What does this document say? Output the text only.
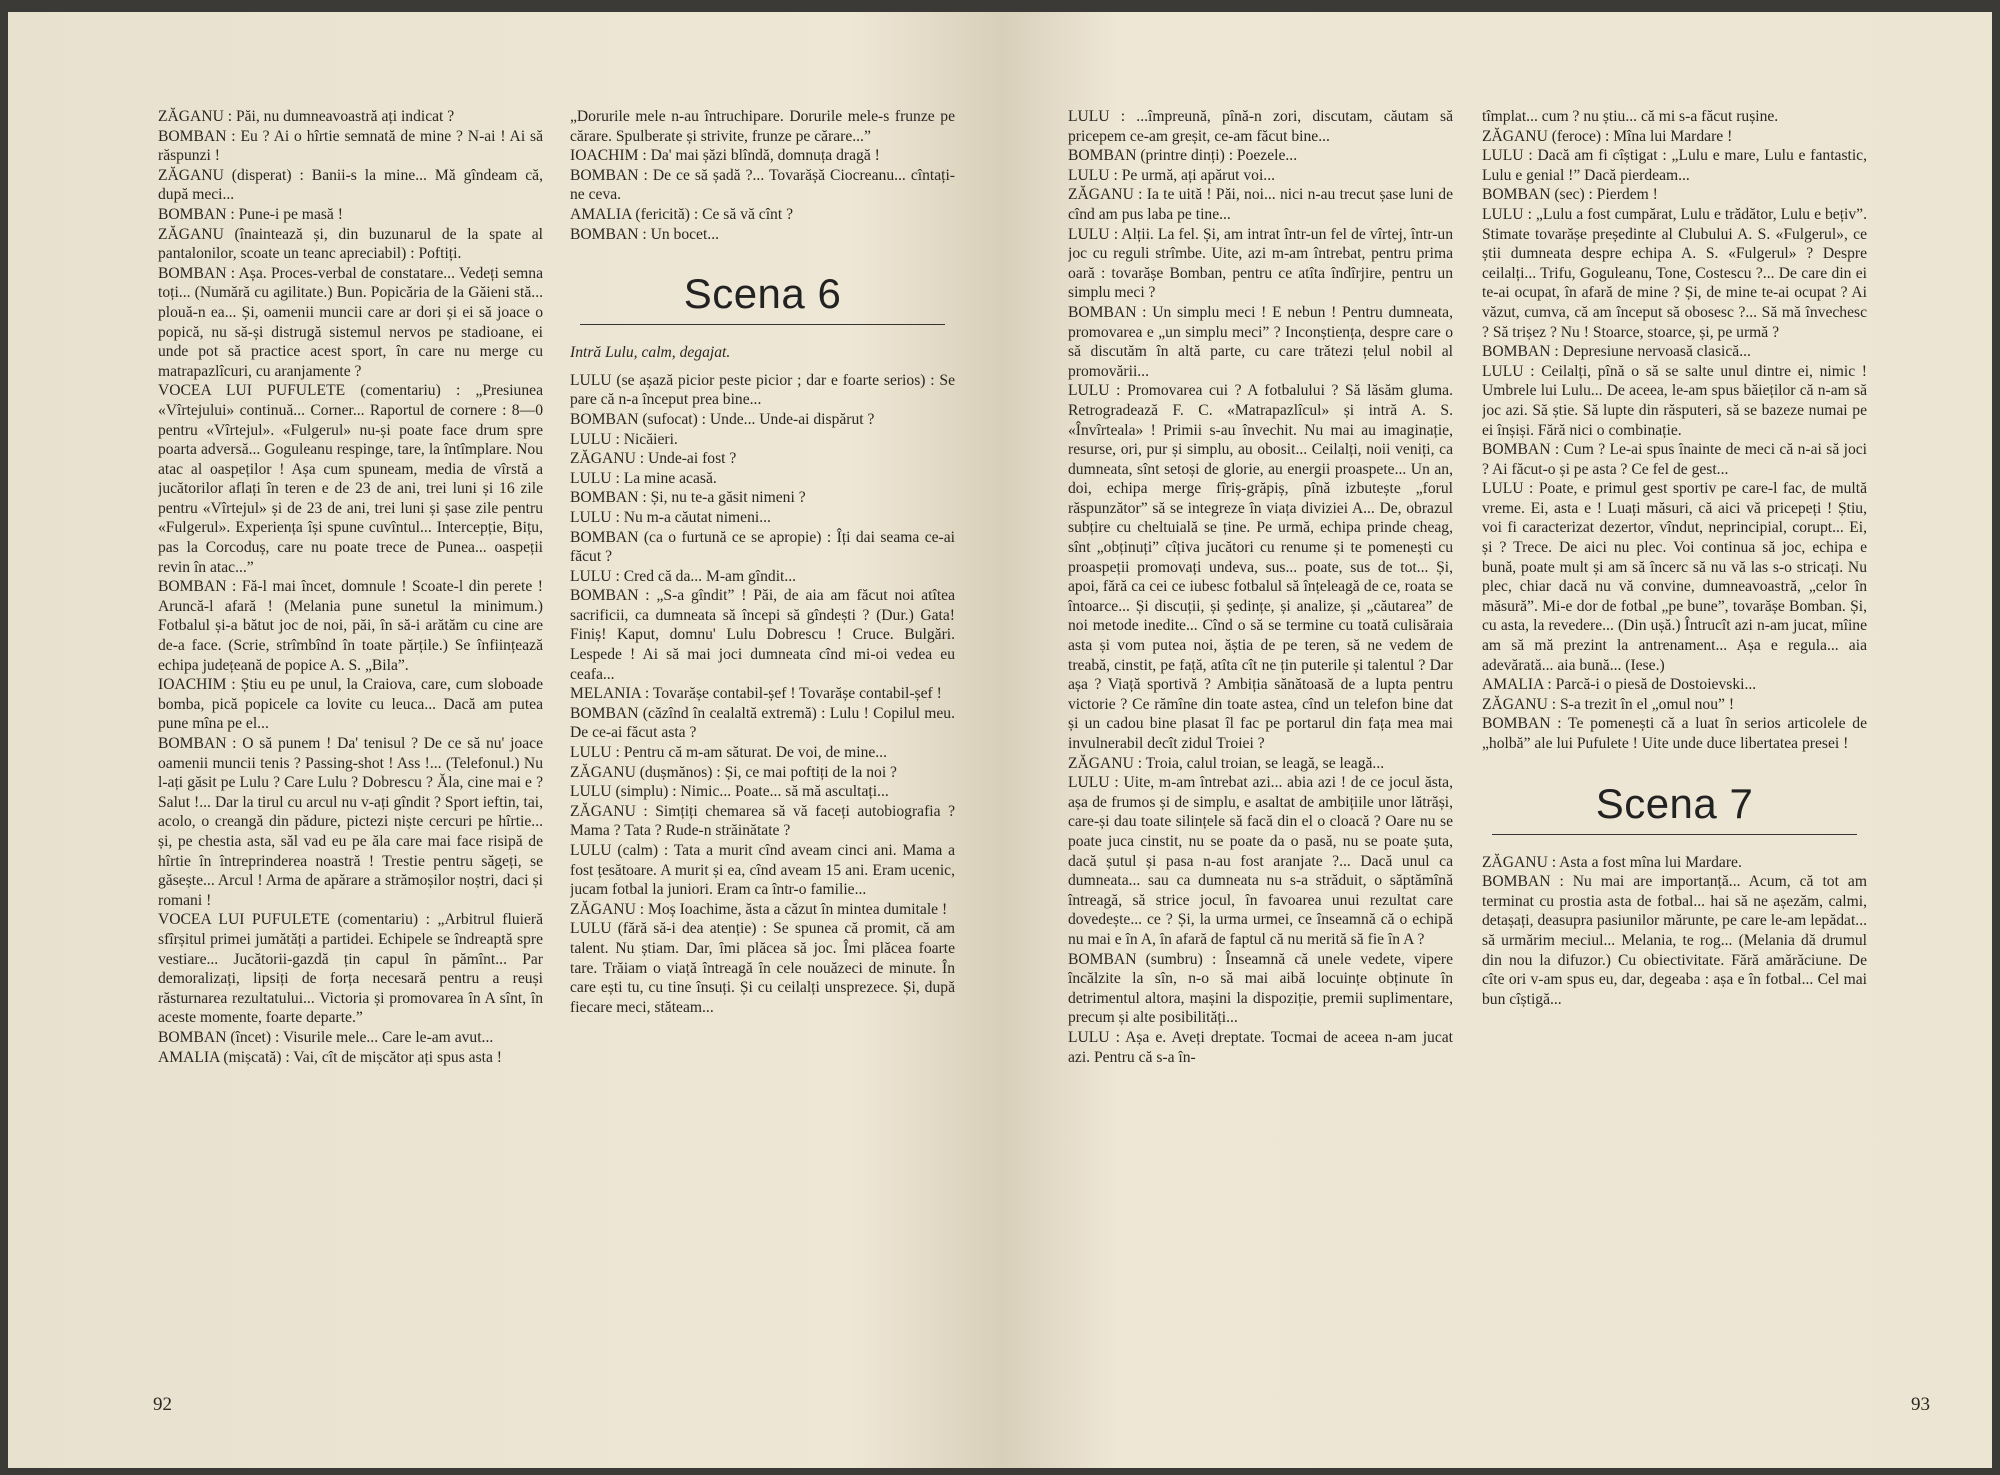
ZĂGANU : Păi, nu dumneavoastră ați indicat ?

BOMBAN : Eu ? Ai o hîrtie semnată de mine ? N-ai ! Ai să răspunzi !

ZĂGANU (disperat) : Banii-s la mine... Mă gîndeam că, după meci...

BOMBAN : Pune-i pe masă !

ZĂGANU (înaintează și, din buzunarul de la spate al pantalonilor, scoate un teanc apreciabil) : Poftiți.

BOMBAN : Așa. Proces-verbal de constatare... Vedeți semna toți... (Numără cu agilitate.) Bun. Popicăria de la Găieni stă... plouă-n ea... Și, oamenii muncii care ar dori și ei să joace o popică, nu să-și distrugă sistemul nervos pe stadioane, ei unde pot să practice acest sport, în care nu merge cu matrapazlîcuri, cu aranjamente ?

VOCEA LUI PUFULETE (comentariu) : „Presiunea «Vîrtejului» continuă... Corner... Raportul de cornere : 8—0 pentru «Vîrtejul». «Fulgerul» nu-și poate face drum spre poarta adversă... Goguleanu respinge, tare, la întîmplare. Nou atac al oaspeților ! Așa cum spuneam, media de vîrstă a jucătorilor aflați în teren e de 23 de ani, trei luni și 16 zile pentru «Vîrtejul» și de 23 de ani, trei luni și șase zile pentru «Fulgerul». Experiența își spune cuvîntul... Intercepție, Bițu, pas la Corcoduș, care nu poate trece de Punea... oaspeții revin în atac...”

BOMBAN : Fă-l mai încet, domnule ! Scoate-l din perete ! Aruncă-l afară ! (Melania pune sunetul la minimum.) Fotbalul și-a bătut joc de noi, păi, în să-i arătăm cu cine are de-a face. (Scrie, strîmbînd în toate părțile.) Se înființează echipa județeană de popice A. S. „Bila”.

IOACHIM : Știu eu pe unul, la Craiova, care, cum sloboade bomba, pică popicele ca lovite cu leuca... Dacă am putea pune mîna pe el...

BOMBAN : O să punem ! Da' tenisul ? De ce să nu' joace oamenii muncii tenis ? Passing-shot ! Ass !... (Telefonul.) Nu l-ați găsit pe Lulu ? Care Lulu ? Dobrescu ? Ăla, cine mai e ? Salut !... Dar la tirul cu arcul nu v-ați gîndit ? Sport ieftin, tai, acolo, o creangă din pădure, pictezi niște cercuri pe hîrtie... și, pe chestia asta, săl vad eu pe ăla care mai face risipă de hîrtie în întreprinderea noastră ! Trestie pentru săgeți, se găsește... Arcul ! Arma de apărare a strămoșilor noștri, daci și romani !

VOCEA LUI PUFULETE (comentariu) : „Arbitrul fluieră sfîrșitul primei jumătăți a partidei. Echipele se îndreaptă spre vestiare... Jucătorii-gazdă țin capul în pămînt... Par demoralizați, lipsiți de forța necesară pentru a reuși răsturnarea rezultatului... Victoria și promovarea în A sînt, în aceste momente, foarte departe.”

BOMBAN (încet) : Visurile mele... Care le-am avut...

AMALIA (mișcată) : Vai, cît de mișcător ați spus asta !

„Dorurile mele n-au întruchipare. Dorurile mele-s frunze pe cărare. Spulberate și strivite, frunze pe cărare...”

IOACHIM : Da' mai șăzi blîndă, domnuța dragă !

BOMBAN : De ce să șadă ?... Tovarășă Ciocreanu... cîntați-ne ceva.

AMALIA (fericită) : Ce să vă cînt ?

BOMBAN : Un bocet...

Scena 6

Intră Lulu, calm, degajat.

LULU (se așază picior peste picior ; dar e foarte serios) : Se pare că n-a început prea bine...

BOMBAN (sufocat) : Unde... Unde-ai dispărut ?

LULU : Nicăieri.

ZĂGANU : Unde-ai fost ?

LULU : La mine acasă.

BOMBAN : Și, nu te-a găsit nimeni ?

LULU : Nu m-a căutat nimeni...

BOMBAN (ca o furtună ce se apropie) : Îți dai seama ce-ai făcut ?

LULU : Cred că da... M-am gîndit...

BOMBAN : „S-a gîndit” ! Păi, de aia am făcut noi atîtea sacrificii, ca dumneata să începi să gîndești ? (Dur.) Gata! Finiș! Kaput, domnu' Lulu Dobrescu ! Cruce. Bulgări. Lespede ! Ai să mai joci dumneata cînd mi-oi vedea eu ceafa...

MELANIA : Tovarășe contabil-șef ! Tovarășe contabil-șef !

BOMBAN (căzînd în cealaltă extremă) : Lulu ! Copilul meu. De ce-ai făcut asta ?

LULU : Pentru că m-am săturat. De voi, de mine...

ZĂGANU (dușmănos) : Și, ce mai poftiți de la noi ?

LULU (simplu) : Nimic... Poate... să mă ascultați...

ZĂGANU : Simțiți chemarea să vă faceți autobiografia ? Mama ? Tata ? Rude-n străinătate ?

LULU (calm) : Tata a murit cînd aveam cinci ani. Mama a fost țesătoare. A murit și ea, cînd aveam 15 ani. Eram ucenic, jucam fotbal la juniori. Eram ca într-o familie...

ZĂGANU : Moș Ioachime, ăsta a căzut în mintea dumitale !

LULU (fără să-i dea atenție) : Se spunea că promit, că am talent. Nu știam. Dar, îmi plăcea să joc. Îmi plăcea foarte tare. Trăiam o viață întreagă în cele nouăzeci de minute. În care ești tu, cu tine însuți. Și cu ceilalți unsprezece. Și, după fiecare meci, stăteam...

92

LULU : ...împreună, pînă-n zori, discutam, căutam să pricepem ce-am greșit, ce-am făcut bine...

BOMBAN (printre dinți) : Poezele...

LULU : Pe urmă, ați apărut voi...

ZĂGANU : Ia te uită ! Păi, noi... nici n-au trecut șase luni de cînd am pus laba pe tine...

LULU : Alții. La fel. Și, am intrat într-un fel de vîrtej, într-un joc cu reguli strîmbe. Uite, azi m-am întrebat, pentru prima oară : tovarășe Bomban, pentru ce atîta îndîrjire, pentru un simplu meci ?

BOMBAN : Un simplu meci ! E nebun ! Pentru dumneata, promovarea e „un simplu meci” ? Inconștiența, despre care o să discutăm în altă parte, cu care trătezi țelul nobil al promovării...

LULU : Promovarea cui ? A fotbalului ? Să lăsăm gluma. Retrogradează F. C. «Matrapazlîcul» și intră A. S. «Învîrteala» ! Primii s-au învechit. Nu mai au imaginație, resurse, ori, pur și simplu, au obosit... Ceilalți, noii veniți, ca dumneata, sînt setoși de glorie, au energii proaspete... Un an, doi, echipa merge fîriș-grăpiș, pînă izbutește „forul răspunzător” să se integreze în viața diviziei A... De, obrazul subțire cu cheltuială se ține. Pe urmă, echipa prinde cheag, sînt „obținuți” cîțiva jucători cu renume și te pomenești cu proaspeții promovați undeva, sus... poate, sus de tot... Și, apoi, fără ca cei ce iubesc fotbalul să înțeleagă de ce, roata se întoarce... Și discuții, și ședințe, și analize, și „căutarea” de noi metode inedite... Cînd o să se termine cu toată culisăraia asta și vom putea noi, ăștia de pe teren, să ne vedem de treabă, cinstit, pe față, atîta cît ne țin puterile și talentul ? Dar așa ? Viață sportivă ? Ambiția sănătoasă de a lupta pentru victorie ? Ce rămîne din toate astea, cînd un telefon bine dat și un cadou bine plasat îl fac pe portarul din fața mea mai invulnerabil decît zidul Troiei ?

ZĂGANU : Troia, calul troian, se leagă, se leagă...

LULU : Uite, m-am întrebat azi... abia azi ! de ce jocul ăsta, așa de frumos și de simplu, e asaltat de ambițiile unor lătrăși, care-și dau toate silințele să facă din el o cloacă ? Oare nu se poate juca cinstit, nu se poate da o pasă, nu se poate șuta, dacă șutul și pasa n-au fost aranjate ?... Dacă unul ca dumneata... sau ca dumneata nu s-a străduit, o săptămînă întreagă, să strice jocul, în favoarea unui rezultat care dovedește... ce ? Și, la urma urmei, ce înseamnă că o echipă nu mai e în A, în afară de faptul că nu merită să fie în A ?

BOMBAN (sumbru) : Înseamnă că unele vedete, vipere încălzite la sîn, n-o să mai aibă locuințe obținute în detrimentul altora, mașini la dispoziție, premii suplimentare, precum și alte posibilități...

LULU : Așa e. Aveți dreptate. Tocmai de aceea n-am jucat azi. Pentru că s-a în-

tîmplat... cum ? nu știu... că mi s-a făcut rușine.

ZĂGANU (feroce) : Mîna lui Mardare !

LULU : Dacă am fi cîștigat : „Lulu e mare, Lulu e fantastic, Lulu e genial !” Dacă pierdeam...

BOMBAN (sec) : Pierdem !

LULU : „Lulu a fost cumpărat, Lulu e trădător, Lulu e bețiv”. Stimate tovarășe președinte al Clubului A. S. «Fulgerul», ce știi dumneata despre echipa A. S. «Fulgerul» ? Despre ceilalți... Trifu, Goguleanu, Tone, Costescu ?... De care din ei te-ai ocupat, în afară de mine ? Și, de mine te-ai ocupat ? Ai văzut, cumva, că am început să obosesc ?... Să mă învechesc ? Să trișez ? Nu ! Stoarce, stoarce, și, pe urmă ?

BOMBAN : Depresiune nervoasă clasică...

LULU : Ceilalți, pînă o să se salte unul dintre ei, nimic ! Umbrele lui Lulu... De aceea, le-am spus băieților că n-am să joc azi. Să știe. Să lupte din răsputeri, să se bazeze numai pe ei înșiși. Fără nici o combinație.

BOMBAN : Cum ? Le-ai spus înainte de meci că n-ai să joci ? Ai făcut-o și pe asta ? Ce fel de gest...

LULU : Poate, e primul gest sportiv pe care-l fac, de multă vreme. Ei, asta e ! Luați măsuri, că aici vă pricepeți ! Știu, voi fi caracterizat dezertor, vîndut, neprincipial, corupt... Ei, și ? Trece. De aici nu plec. Voi continua să joc, echipa e bună, poate mult și am să încerc să nu vă las s-o stricați. Nu plec, chiar dacă nu vă convine, dumneavoastră, „celor în măsură”. Mi-e dor de fotbal „pe bune”, tovarășe Bomban. Și, cu asta, la revedere... (Din ușă.) Întrucît azi n-am jucat, mîine am să mă prezint la antrenament... Așa e regula... aia adevărată... aia bună... (Iese.)

AMALIA : Parcă-i o piesă de Dostoievski...

ZĂGANU : S-a trezit în el „omul nou” !

BOMBAN : Te pomenești că a luat în serios articolele de „holbă” ale lui Pufulete ! Uite unde duce libertatea presei !

Scena 7

ZĂGANU : Asta a fost mîna lui Mardare.

BOMBAN : Nu mai are importanță... Acum, că tot am terminat cu prostia asta de fotbal... hai să ne așezăm, calmi, detașați, deasupra pasiunilor mărunte, pe care le-am lepădat... să urmărim meciul... Melania, te rog... (Melania dă drumul din nou la difuzor.) Cu obiectivitate. Fără amărăciune. De cîte ori v-am spus eu, dar, degeaba : așa e în fotbal... Cel mai bun cîștigă...

93
